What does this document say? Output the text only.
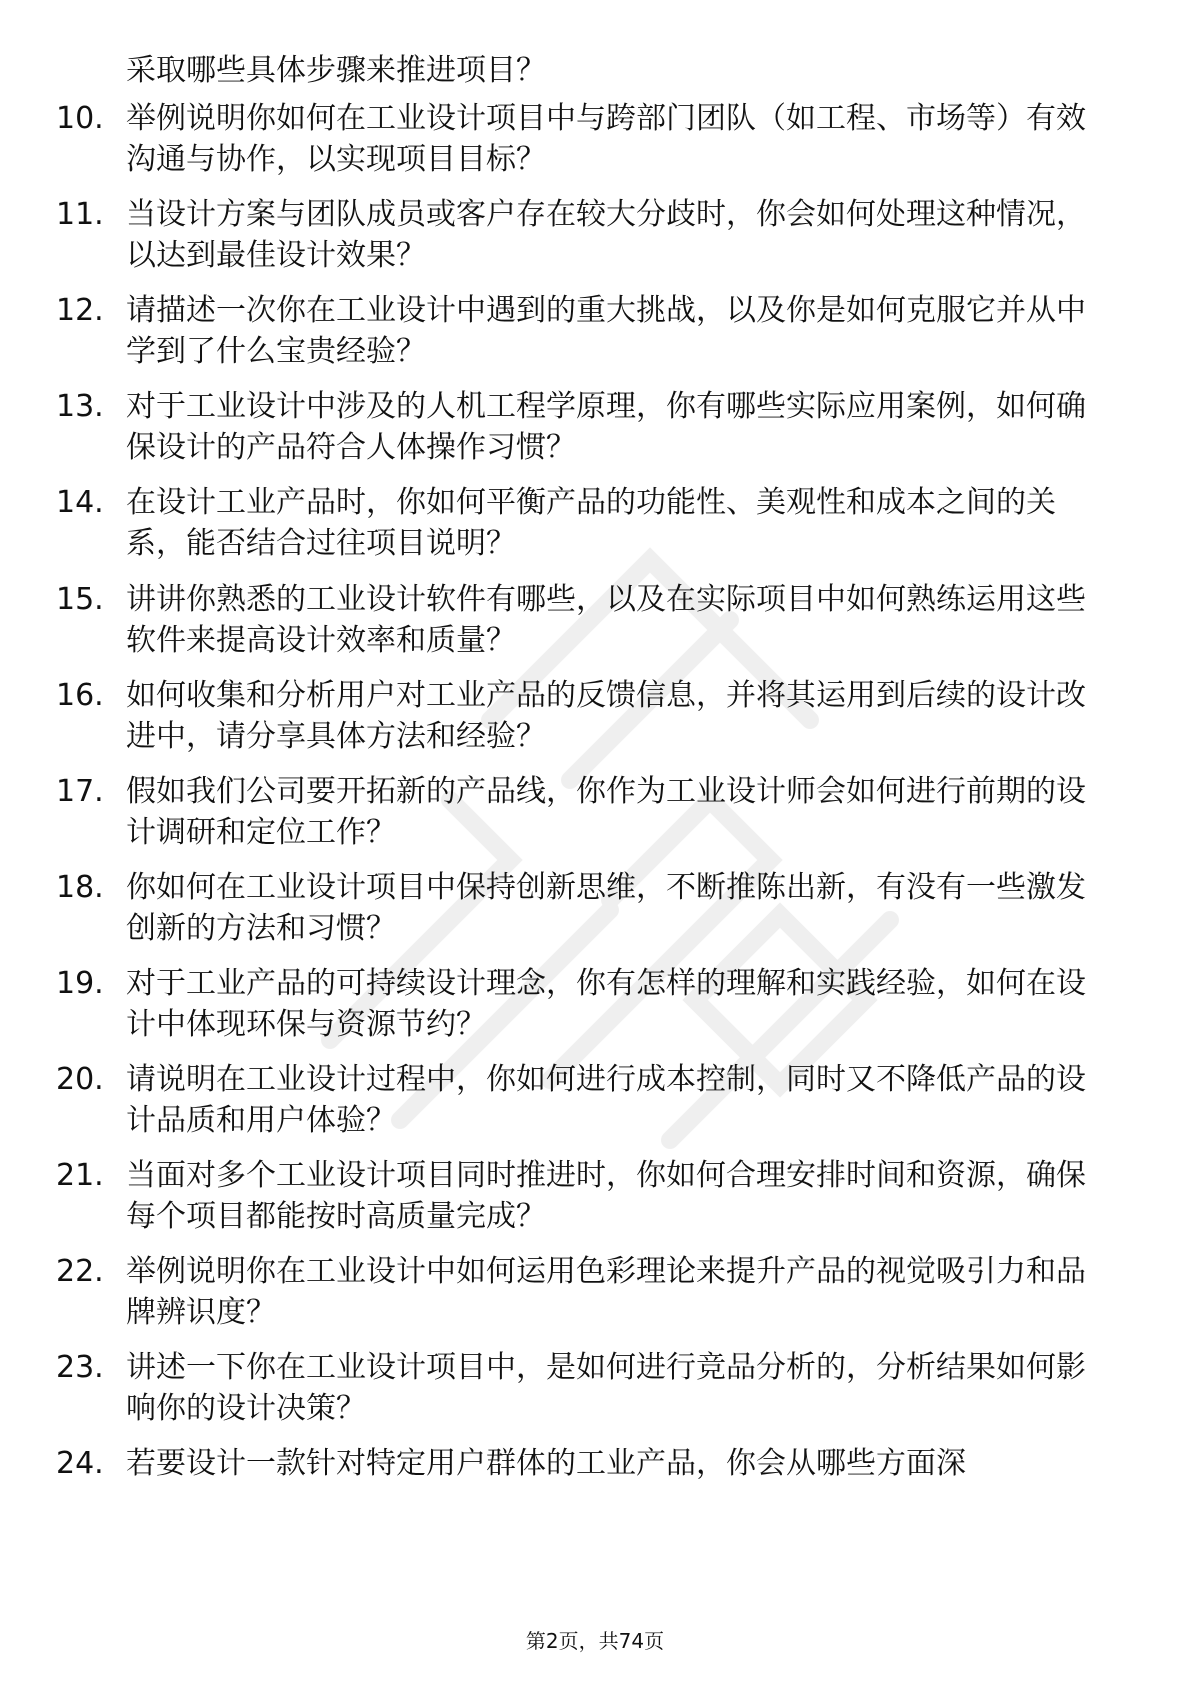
采取哪些具体步骤来推进项目？
10. 举例说明你如何在工业设计项目中与跨部门团队（如工程、市场等）有效沟通与协作，以实现项目目标？
11. 当设计方案与团队成员或客户存在较大分歧时，你会如何处理这种情况，以达到最佳设计效果？
12. 请描述一次你在工业设计中遇到的重大挑战，以及你是如何克服它并从中学到了什么宝贵经验？
13. 对于工业设计中涉及的人机工程学原理，你有哪些实际应用案例，如何确保设计的产品符合人体操作习惯？
14. 在设计工业产品时，你如何平衡产品的功能性、美观性和成本之间的关系，能否结合过往项目说明？
15. 讲讲你熟悉的工业设计软件有哪些，以及在实际项目中如何熟练运用这些软件来提高设计效率和质量？
16. 如何收集和分析用户对工业产品的反馈信息，并将其运用到后续的设计改进中，请分享具体方法和经验？
17. 假如我们公司要开拓新的产品线，你作为工业设计师会如何进行前期的设计调研和定位工作？
18. 你如何在工业设计项目中保持创新思维，不断推陈出新，有没有一些激发创新的方法和习惯？
19. 对于工业产品的可持续设计理念，你有怎样的理解和实践经验，如何在设计中体现环保与资源节约？
20. 请说明在工业设计过程中，你如何进行成本控制，同时又不降低产品的设计品质和用户体验？
21. 当面对多个工业设计项目同时推进时，你如何合理安排时间和资源，确保每个项目都能按时高质量完成？
22. 举例说明你在工业设计中如何运用色彩理论来提升产品的视觉吸引力和品牌辨识度？
23. 讲述一下你在工业设计项目中，是如何进行竞品分析的，分析结果如何影响你的设计决策？
24. 若要设计一款针对特定用户群体的工业产品，你会从哪些方面深
第2页，共74页
